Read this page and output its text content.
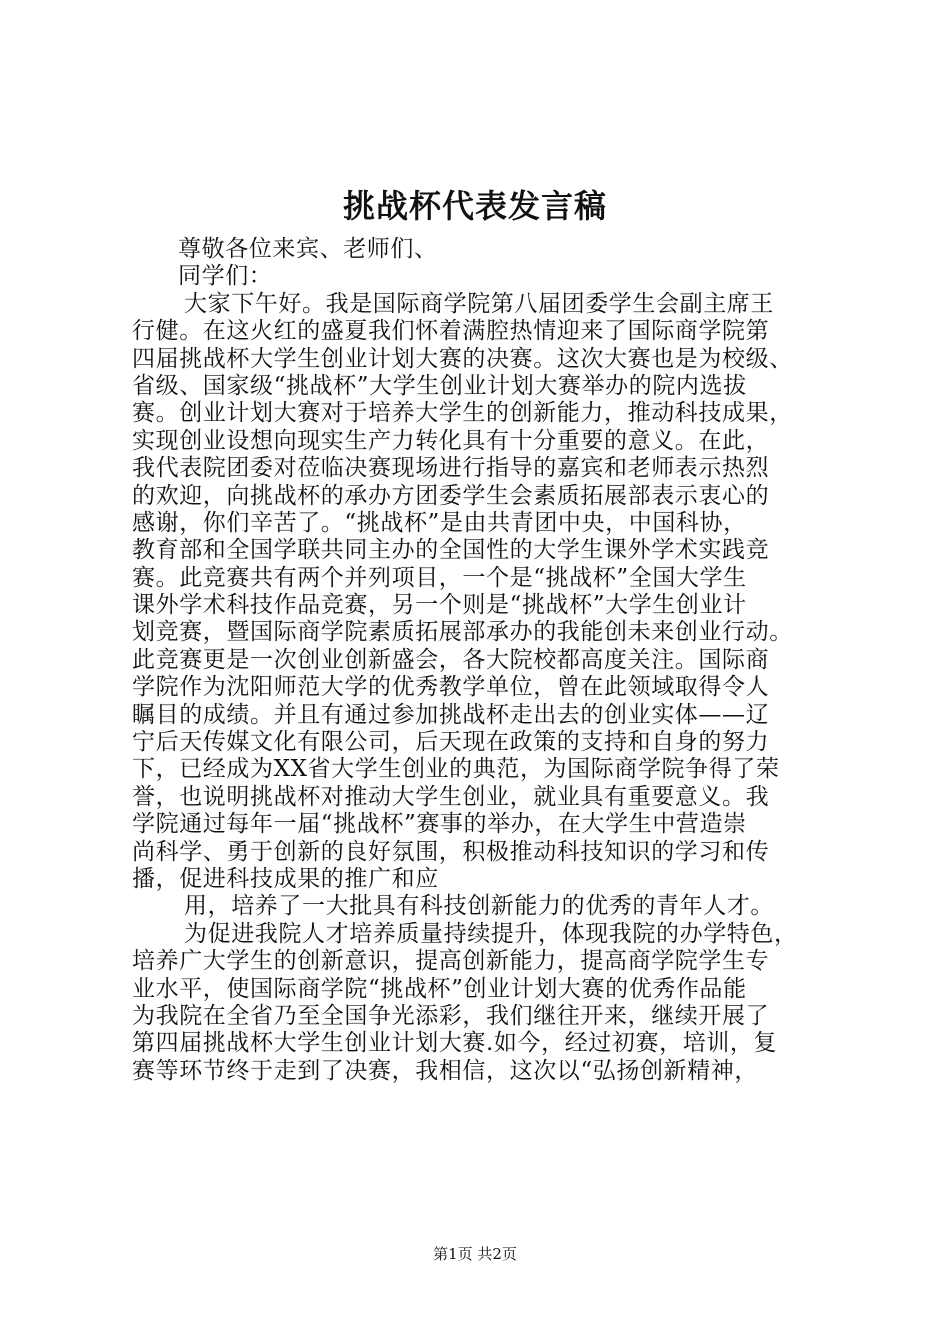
挑战杯代表发言稿
尊敬各位来宾、老师们、
同学们：
大家下午好。我是国际商学院第八届团委学生会副主席王
行健。在这火红的盛夏我们怀着满腔热情迎来了国际商学院第
四届挑战杯大学生创业计划大赛的决赛。这次大赛也是为校级、
省级、国家级“挑战杯”大学生创业计划大赛举办的院内选拔
赛。创业计划大赛对于培养大学生的创新能力，推动科技成果，
实现创业设想向现实生产力转化具有十分重要的意义。在此，
我代表院团委对莅临决赛现场进行指导的嘉宾和老师表示热烈
的欢迎，向挑战杯的承办方团委学生会素质拓展部表示衷心的
感谢，你们辛苦了。“挑战杯”是由共青团中央，中国科协，
教育部和全国学联共同主办的全国性的大学生课外学术实践竞
赛。此竞赛共有两个并列项目，一个是“挑战杯”全国大学生
课外学术科技作品竞赛，另一个则是“挑战杯”大学生创业计
划竞赛，暨国际商学院素质拓展部承办的我能创未来创业行动。
此竞赛更是一次创业创新盛会，各大院校都高度关注。国际商
学院作为沈阳师范大学的优秀教学单位，曾在此领域取得令人
瞩目的成绩。并且有通过参加挑战杯走出去的创业实体——辽
宁后天传媒文化有限公司，后天现在政策的支持和自身的努力
下，已经成为XX省大学生创业的典范，为国际商学院争得了荣
誉，也说明挑战杯对推动大学生创业，就业具有重要意义。我
学院通过每年一届“挑战杯”赛事的举办，在大学生中营造崇
尚科学、勇于创新的良好氛围，积极推动科技知识的学习和传
播，促进科技成果的推广和应
用，培养了一大批具有科技创新能力的优秀的青年人才。
为促进我院人才培养质量持续提升，体现我院的办学特色，
培养广大学生的创新意识，提高创新能力，提高商学院学生专
业水平，使国际商学院“挑战杯”创业计划大赛的优秀作品能
为我院在全省乃至全国争光添彩，我们继往开来，继续开展了
第四届挑战杯大学生创业计划大赛.如今，经过初赛，培训，复
赛等环节终于走到了决赛，我相信，这次以“弘扬创新精神，
第1页 共2页
